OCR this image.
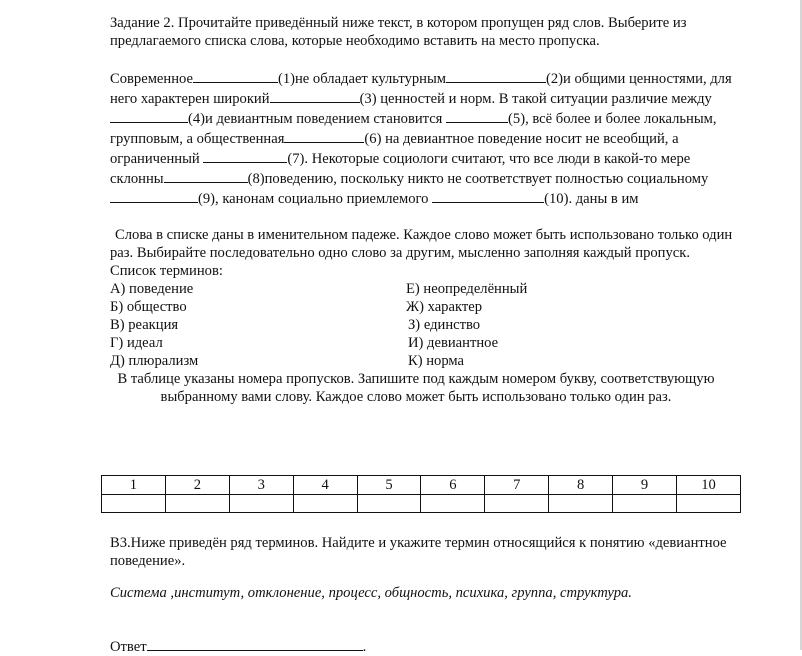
Задание 2. Прочитайте приведённый ниже текст, в котором пропущен ряд слов. Выберите из предлагаемого списка слова, которые необходимо вставить на место пропуска.

Современное	(1)не обладает культурным	(2)и общими ценностями, для него характерен широкий	(3) ценностей и норм. В такой ситуации различие между(4)и девиантным поведением становится	(5), всё более и более локальным, групповым, а общественная	(6) на девиантное поведение носит не всеобщий, а ограниченный	(7). Некоторые социологи считают, что все люди в какой-то мере склонны	(8)поведению, поскольку никто не соответствует полностью социальному (9), канонам социально приемлемого	(10). даны в им

Слова в списке даны в именительном падеже. Каждое слово может быть использовано только один раз. Выбирайте последовательно одно слово за другим, мысленно заполняя каждый пропуск.

Список терминов:

А) поведение
Б) общество
В) реакция
Г) идеал
Д) плюрализм
Е) неопределённый
Ж) характер
З) единство
И) девиантное
К) норма

В таблице указаны номера пропусков. Запишите под каждым номером букву, соответствующую выбранному вами слову. Каждое слово может быть использовано только один раз.

1	2	3	4	5	6	7	8	9	10

В3.Ниже приведён ряд терминов. Найдите и укажите термин относящийся к понятию «девиантное поведение».

Система ,институт, отклонение, процесс, общность, психика, группа, структура.

Ответ	.
